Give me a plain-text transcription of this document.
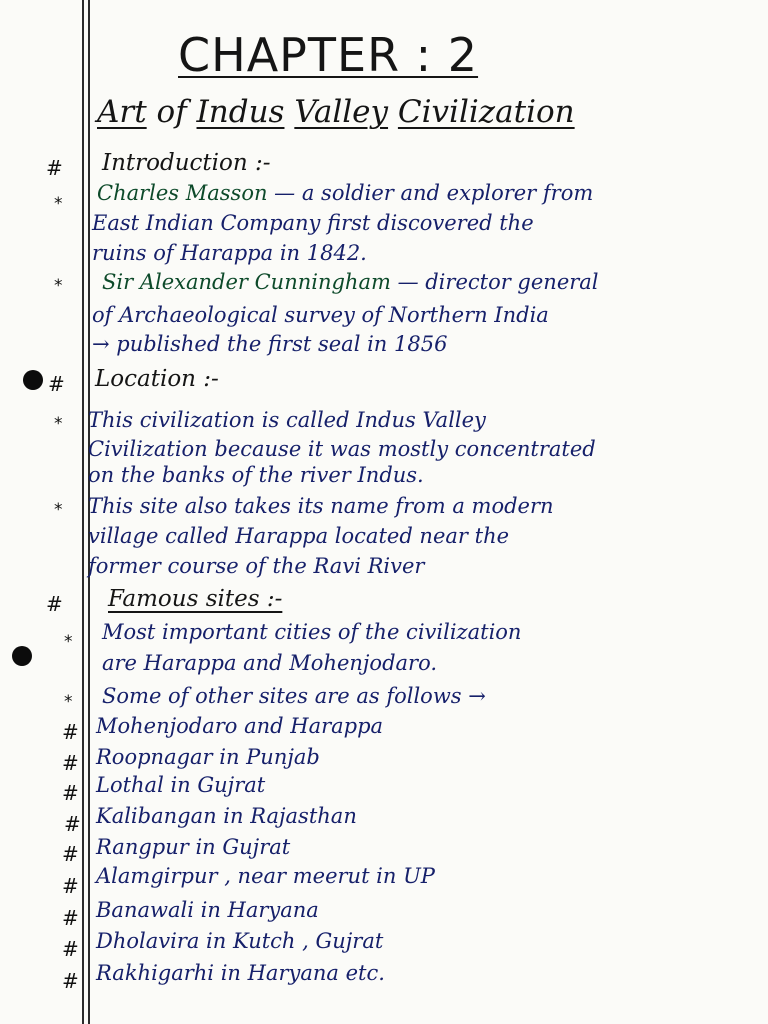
CHAPTER : 2
Art of Indus Valley Civilization
# Introduction :-
* Charles Masson — a soldier and explorer from
East Indian Company first discovered the
ruins of Harappa in 1842.
* Sir Alexander Cunningham — director general
of Archaeological survey of Northern India
→ published the first seal in 1856
# Location :-
* This civilization is called Indus Valley
Civilization because it was mostly concentrated
on the banks of the river Indus.
* This site also takes its name from a modern
village called Harappa located near the
former course of the Ravi River
# Famous sites :-
* Most important cities of the civilization
are Harappa and Mohenjodaro.
* Some of other sites are as follows →
# Mohenjodaro and Harappa
# Roopnagar in Punjab
# Lothal in Gujrat
# Kalibangan in Rajasthan
# Rangpur in Gujrat
# Alamgirpur , near meerut in UP
# Banawali in Haryana
# Dholavira in Kutch , Gujrat
# Rakhigarhi in Haryana etc.
